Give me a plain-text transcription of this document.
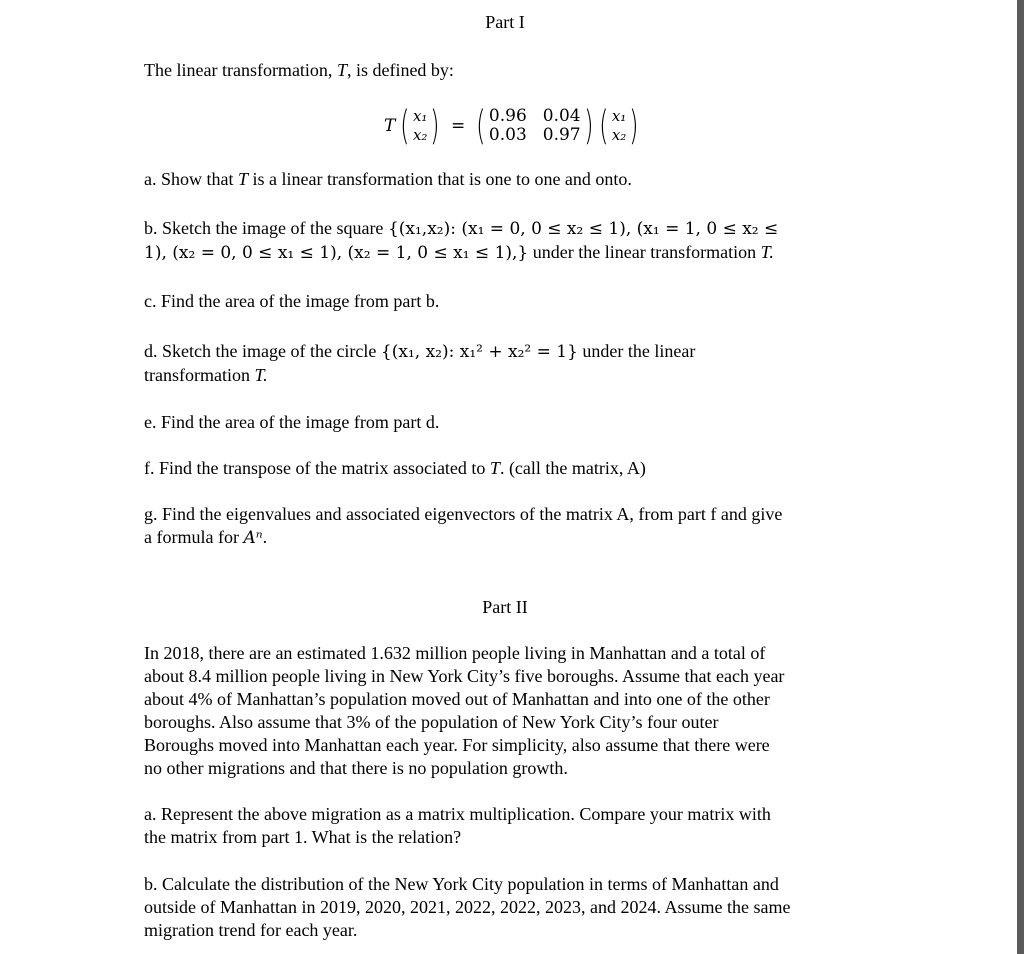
Part I
The linear transformation, T, is defined by:
T ( x₁
x₂ ) = ( 0.96 0.04
0.03 0.97 ) ( x₁
x₂ )
a. Show that T is a linear transformation that is one to one and onto.
b. Sketch the image of the square {(x₁,x₂): (x₁ = 0, 0 ≤ x₂ ≤ 1), (x₁ = 1, 0 ≤ x₂ ≤
1), (x₂ = 0, 0 ≤ x₁ ≤ 1), (x₂ = 1, 0 ≤ x₁ ≤ 1),} under the linear transformation T.
c. Find the area of the image from part b.
d. Sketch the image of the circle {(x₁, x₂): x₁² + x₂² = 1} under the linear
transformation T.
e. Find the area of the image from part d.
f. Find the transpose of the matrix associated to T. (call the matrix, A)
g. Find the eigenvalues and associated eigenvectors of the matrix A, from part f and give
a formula for Aⁿ.
Part II
In 2018, there are an estimated 1.632 million people living in Manhattan and a total of
about 8.4 million people living in New York City’s five boroughs. Assume that each year
about 4% of Manhattan’s population moved out of Manhattan and into one of the other
boroughs. Also assume that 3% of the population of New York City’s four outer
Boroughs moved into Manhattan each year. For simplicity, also assume that there were
no other migrations and that there is no population growth.
a. Represent the above migration as a matrix multiplication. Compare your matrix with
the matrix from part 1. What is the relation?
b. Calculate the distribution of the New York City population in terms of Manhattan and
outside of Manhattan in 2019, 2020, 2021, 2022, 2022, 2023, and 2024. Assume the same
migration trend for each year.
